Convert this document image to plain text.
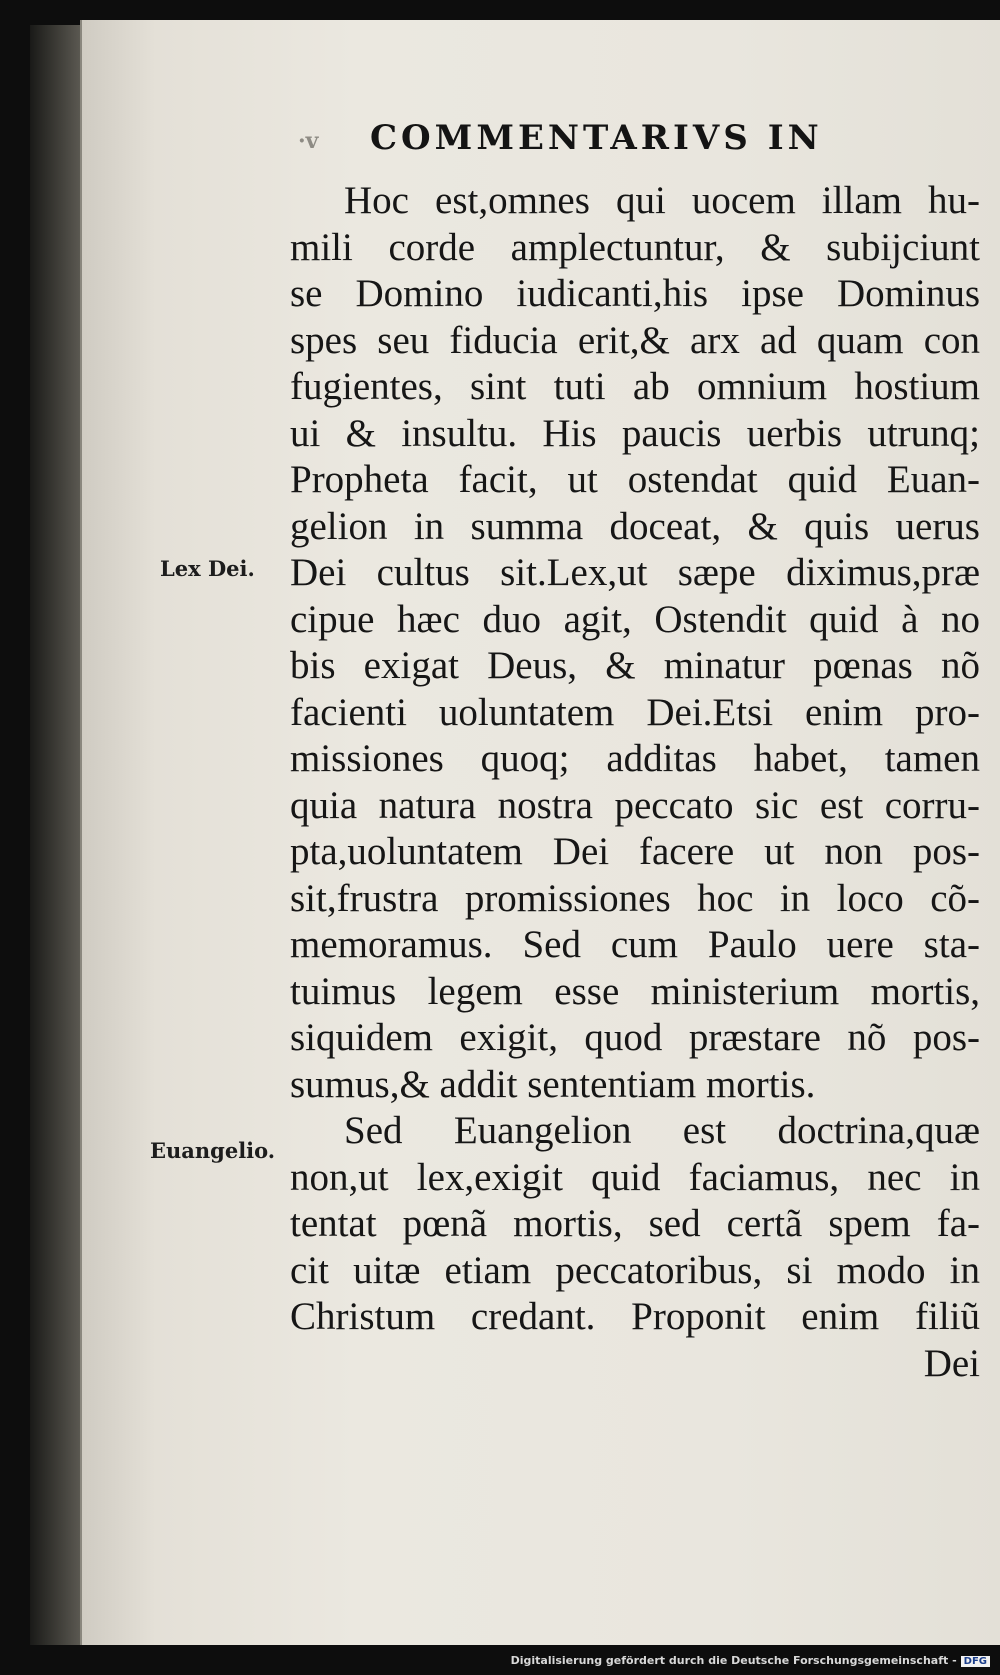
·v COMMENTARIVS IN
Lex Dei.
Euangelio.
Hoc est,omnes qui uocem illam hu-
mili corde amplectuntur, & subijciunt
se Domino iudicanti,his ipse Dominus
spes seu fiducia erit,& arx ad quam con
fugientes, sint tuti ab omnium hostium
ui & insultu. His paucis uerbis utrunq;
Propheta facit, ut ostendat quid Euan-
gelion in summa doceat, & quis uerus
Dei cultus sit.Lex,ut sæpe diximus,præ
cipue hæc duo agit, Ostendit quid à no
bis exigat Deus, & minatur pœnas nõ
facienti uoluntatem Dei.Etsi enim pro-
missiones quoq; additas habet, tamen
quia natura nostra peccato sic est corru-
pta,uoluntatem Dei facere ut non pos-
sit,frustra promissiones hoc in loco cõ-
memoramus. Sed cum Paulo uere sta-
tuimus legem esse ministerium mortis,
siquidem exigit, quod præstare nõ pos-
sumus,& addit sententiam mortis.
Sed Euangelion est doctrina,quæ
non,ut lex,exigit quid faciamus, nec in
tentat pœnã mortis, sed certã spem fa-
cit uitæ etiam peccatoribus, si modo in
Christum credant. Proponit enim filiũ
Dei
Digitalisierung gefördert durch die Deutsche Forschungsgemeinschaft - DFG
